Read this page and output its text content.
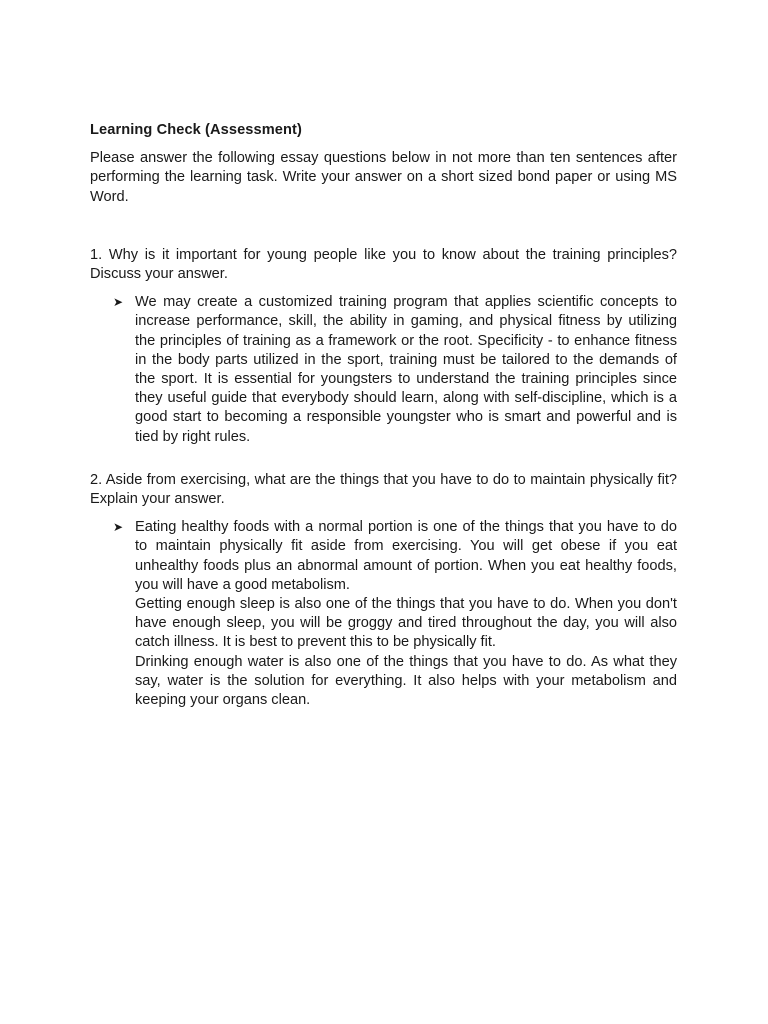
Learning Check (Assessment)

Please answer the following essay questions below in not more than ten sentences after performing the learning task. Write your answer on a short sized bond paper or using MS Word.

1. Why is it important for young people like you to know about the training principles? Discuss your answer.

➤ We may create a customized training program that applies scientific concepts to increase performance, skill, the ability in gaming, and physical fitness by utilizing the principles of training as a framework or the root. Specificity - to enhance fitness in the body parts utilized in the sport, training must be tailored to the demands of the sport. It is essential for youngsters to understand the training principles since they useful guide that everybody should learn, along with self-discipline, which is a good start to becoming a responsible youngster who is smart and powerful and is tied by right rules.

2. Aside from exercising, what are the things that you have to do to maintain physically fit? Explain your answer.

➤ Eating healthy foods with a normal portion is one of the things that you have to do to maintain physically fit aside from exercising. You will get obese if you eat unhealthy foods plus an abnormal amount of portion. When you eat healthy foods, you will have a good metabolism.

Getting enough sleep is also one of the things that you have to do. When you don't have enough sleep, you will be groggy and tired throughout the day, you will also catch illness. It is best to prevent this to be physically fit.

Drinking enough water is also one of the things that you have to do. As what they say, water is the solution for everything. It also helps with your metabolism and keeping your organs clean.
